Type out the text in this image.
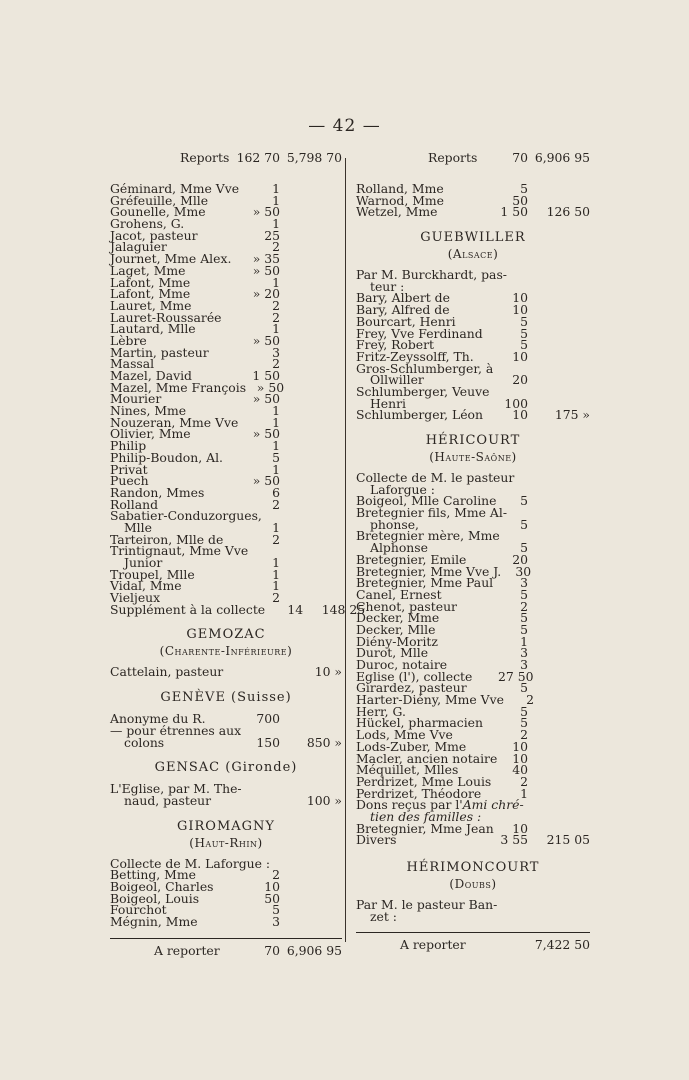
— 42 —
Reports 162 70 5,798 70
Géminard, Mme Vve	1
Gréfeuille, Mlle	1
Gounelle, Mme	» 50
Grohens, G.	1
Jacot, pasteur	25
Jalaguier	2
Journet, Mme Alex.	» 35
Laget, Mme	» 50
Lafont, Mme	1
Lafont, Mme	» 20
Lauret, Mme	2
Lauret-Roussarée	2
Lautard, Mlle	1
Lèbre	» 50
Martin, pasteur	3
Massal	2
Mazel, David	1 50
Mazel, Mme François » 50
Mourier	» 50
Nines, Mme	1
Nouzeran, Mme Vve	1
Olivier, Mme	» 50
Philip	1
Philip-Boudon, Al.	5
Privat	1
Puech	» 50
Randon, Mmes	6
Rolland	2
Sabatier-Conduzorgues,
Mlle	1
Tarteiron, Mlle de	2
Trintignaut, Mme Vve
Junior	1
Troupel, Mlle	1
Vidal, Mme	1
Vieljeux	2
Supplément à la collecte	14	148 25
GEMOZAC
(Charente-Inférieure)
Cattelain, pasteur	10 »
GENÈVE (Suisse)
Anonyme du R.	700
— pour étrennes aux
colons	150	850 »
GENSAC (Gironde)
L'Eglise, par M. The-
naud, pasteur	100 »
GIROMAGNY
(Haut-Rhin)
Collecte de M. Laforgue :
Betting, Mme	2
Boigeol, Charles	10
Boigeol, Louis	50
Fourchot	5
Mégnin, Mme	3
A reporter	70 6,906 95
Reports	70 6,906 95
Rolland, Mme	5
Warnod, Mme	50
Wetzel, Mme	1 50	126 50
GUEBWILLER
(Alsace)
Par M. Burckhardt, pas-
teur :
Bary, Albert de	10
Bary, Alfred de	10
Bourcart, Henri	5
Frey, Vve Ferdinand	5
Frey, Robert	5
Fritz-Zeyssolff, Th.	10
Gros-Schlumberger, à
Ollwiller	20
Schlumberger, Veuve
Henri	100
Schlumberger, Léon	10	175 »
HÉRICOURT
(Haute-Saône)
Collecte de M. le pasteur
Laforgue :
Boigeol, Mlle Caroline	5
Bretegnier fils, Mme Al-
phonse,	5
Bretegnier mère, Mme
Alphonse	5
Bretegnier, Emile	20
Bretegnier, Mme Vve J.	30
Bretegnier, Mme Paul	3
Canel, Ernest	5
Chenot, pasteur	2
Decker, Mme	5
Decker, Mlle	5
Diény-Moritz	1
Durot, Mlle	3
Duroc, notaire	3
Eglise (l'), collecte	27 50
Girardez, pasteur	5
Harter-Diény, Mme Vve	2
Herr, G.	5
Hückel, pharmacien	5
Lods, Mme Vve	2
Lods-Zuber, Mme	10
Macler, ancien notaire	10
Méquillet, Mlles	40
Perdrizet, Mme Louis	2
Perdrizet, Théodore	1
Dons reçus par l'Ami chré-
tien des familles :
Bretegnier, Mme Jean	10
Divers	3 55	215 05
HÉRIMONCOURT
(Doubs)
Par M. le pasteur Ban-
zet :
A reporter	7,422 50
